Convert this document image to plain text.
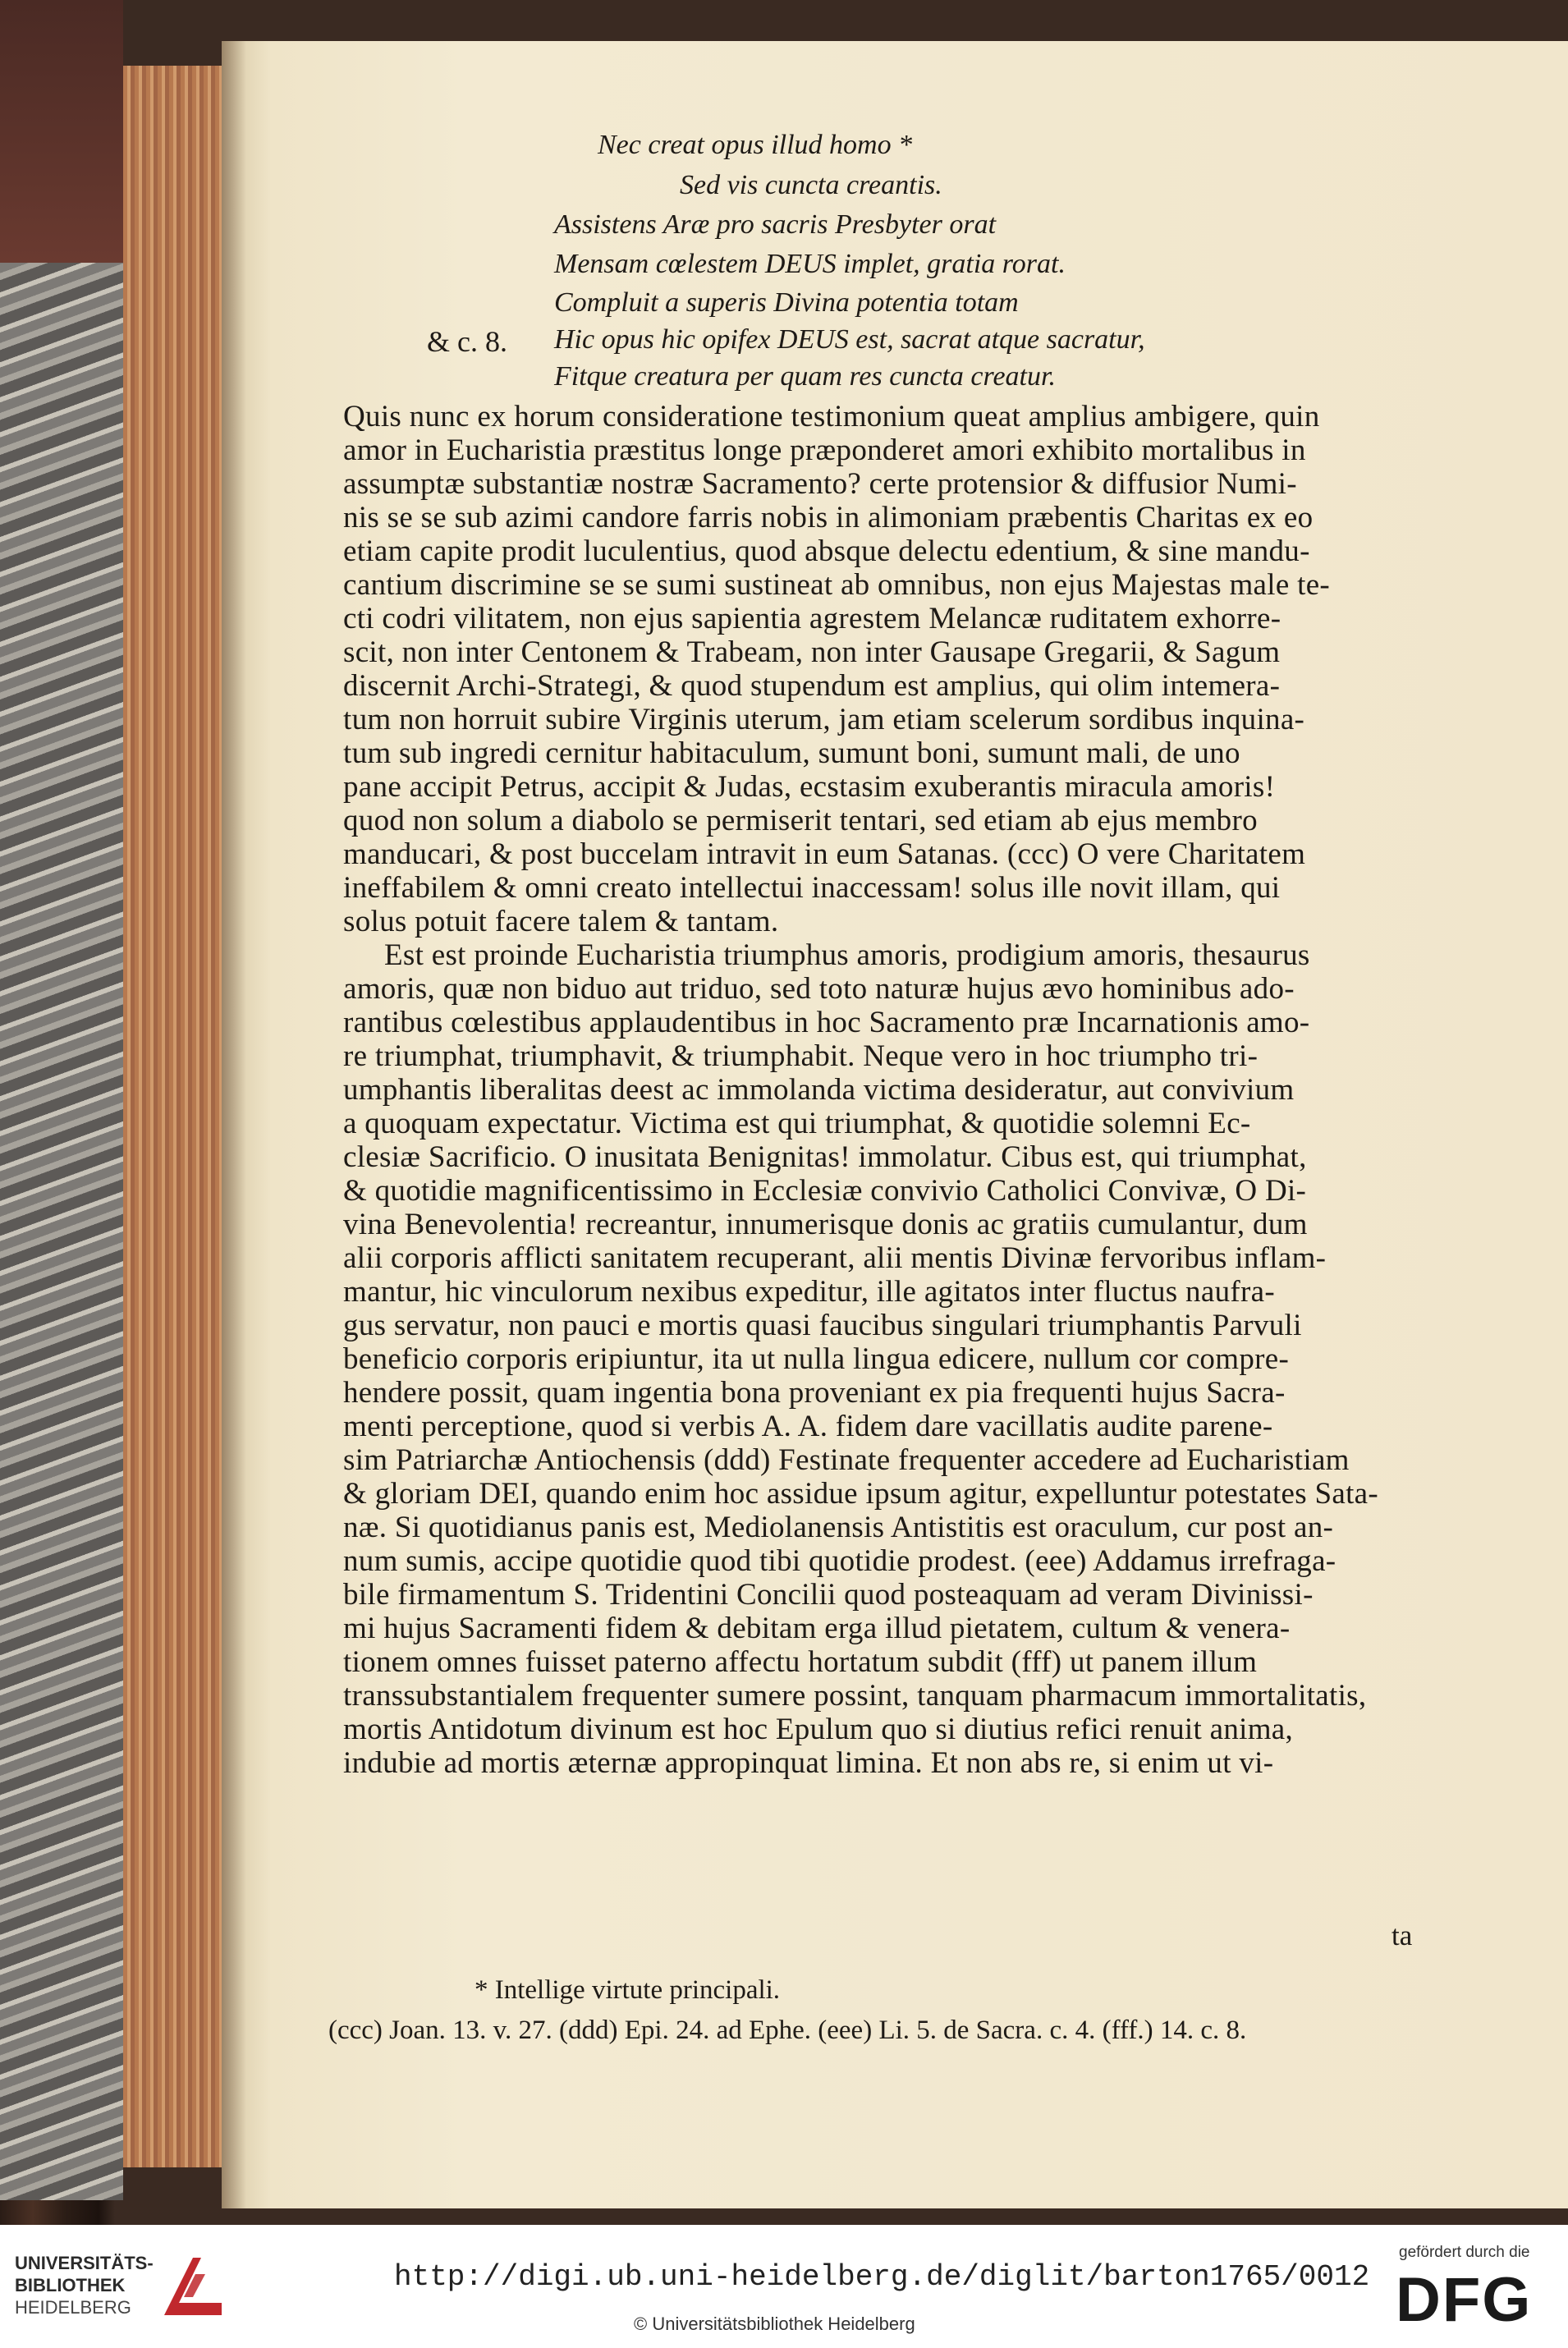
Nec creat opus illud homo *
Sed vis cuncta creantis.
Assistens Aræ pro sacris Presbyter orat
Mensam cœlestem DEUS implet, gratia rorat.
Compluit a superis Divina potentia totam
& c. 8. Hic opus hic opifex DEUS est, sacrat atque sacratur,
Fitque creatura per quam res cuncta creatur.
Quis nunc ex horum consideratione testimonium queat amplius ambigere, quin
amor in Eucharistia præstitus longe præponderet amori exhibito mortalibus in
assumptæ substantiæ nostræ Sacramento? certe protensior & diffusior Numi-
nis se se sub azimi candore farris nobis in alimoniam præbentis Charitas ex eo
etiam capite prodit luculentius, quod absque delectu edentium, & sine mandu-
cantium discrimine se se sumi sustineat ab omnibus, non ejus Majestas male te-
cti codri vilitatem, non ejus sapientia agrestem Melancæ ruditatem exhorre-
scit, non inter Centonem & Trabeam, non inter Gausape Gregarii, & Sagum
discernit Archi-Strategi, & quod stupendum est amplius, qui olim intemera-
tum non horruit subire Virginis uterum, jam etiam scelerum sordibus inquina-
tum sub ingredi cernitur habitaculum, sumunt boni, sumunt mali, de uno
pane accipit Petrus, accipit & Judas, ecstasim exuberantis miracula amoris!
quod non solum a diabolo se permiserit tentari, sed etiam ab ejus membro
manducari, & post buccelam intravit in eum Satanas. (ccc) O vere Charitatem
ineffabilem & omni creato intellectui inaccessam! solus ille novit illam, qui
solus potuit facere talem & tantam.
Est est proinde Eucharistia triumphus amoris, prodigium amoris, thesaurus
amoris, quæ non biduo aut triduo, sed toto naturæ hujus ævo hominibus ado-
rantibus cœlestibus applaudentibus in hoc Sacramento præ Incarnationis amo-
re triumphat, triumphavit, & triumphabit. Neque vero in hoc triumpho tri-
umphantis liberalitas deest ac immolanda victima desideratur, aut convivium
a quoquam expectatur. Victima est qui triumphat, & quotidie solemni Ec-
clesiæ Sacrificio. O inusitata Benignitas! immolatur. Cibus est, qui triumphat,
& quotidie magnificentissimo in Ecclesiæ convivio Catholici Convivæ, O Di-
vina Benevolentia! recreantur, innumerisque donis ac gratiis cumulantur, dum
alii corporis afflicti sanitatem recuperant, alii mentis Divinæ fervoribus inflam-
mantur, hic vinculorum nexibus expeditur, ille agitatos inter fluctus naufra-
gus servatur, non pauci e mortis quasi faucibus singulari triumphantis Parvuli
beneficio corporis eripiuntur, ita ut nulla lingua edicere, nullum cor compre-
hendere possit, quam ingentia bona proveniant ex pia frequenti hujus Sacra-
menti perceptione, quod si verbis A. A. fidem dare vacillatis audite parene-
sim Patriarchæ Antiochensis (ddd) Festinate frequenter accedere ad Eucharistiam
& gloriam DEI, quando enim hoc assidue ipsum agitur, expelluntur potestates Sata-
næ. Si quotidianus panis est, Mediolanensis Antistitis est oraculum, cur post an-
num sumis, accipe quotidie quod tibi quotidie prodest. (eee) Addamus irrefraga-
bile firmamentum S. Tridentini Concilii quod posteaquam ad veram Divinissi-
mi hujus Sacramenti fidem & debitam erga illud pietatem, cultum & venera-
tionem omnes fuisset paterno affectu hortatum subdit (fff) ut panem illum
transsubstantialem frequenter sumere possint, tanquam pharmacum immortalitatis,
mortis Antidotum divinum est hoc Epulum quo si diutius refici renuit anima,
indubie ad mortis æternæ appropinquat limina. Et non abs re, si enim ut vi-
ta
* Intellige virtute principali.
(ccc) Joan. 13. v. 27. (ddd) Epi. 24. ad Ephe. (eee) Li. 5. de Sacra. c. 4. (fff.) 14. c. 8.
UNIVERSITÄTS-
BIBLIOTHEK
HEIDELBERG
http://digi.ub.uni-heidelberg.de/diglit/barton1765/0012
© Universitätsbibliothek Heidelberg
gefördert durch die
DFG
